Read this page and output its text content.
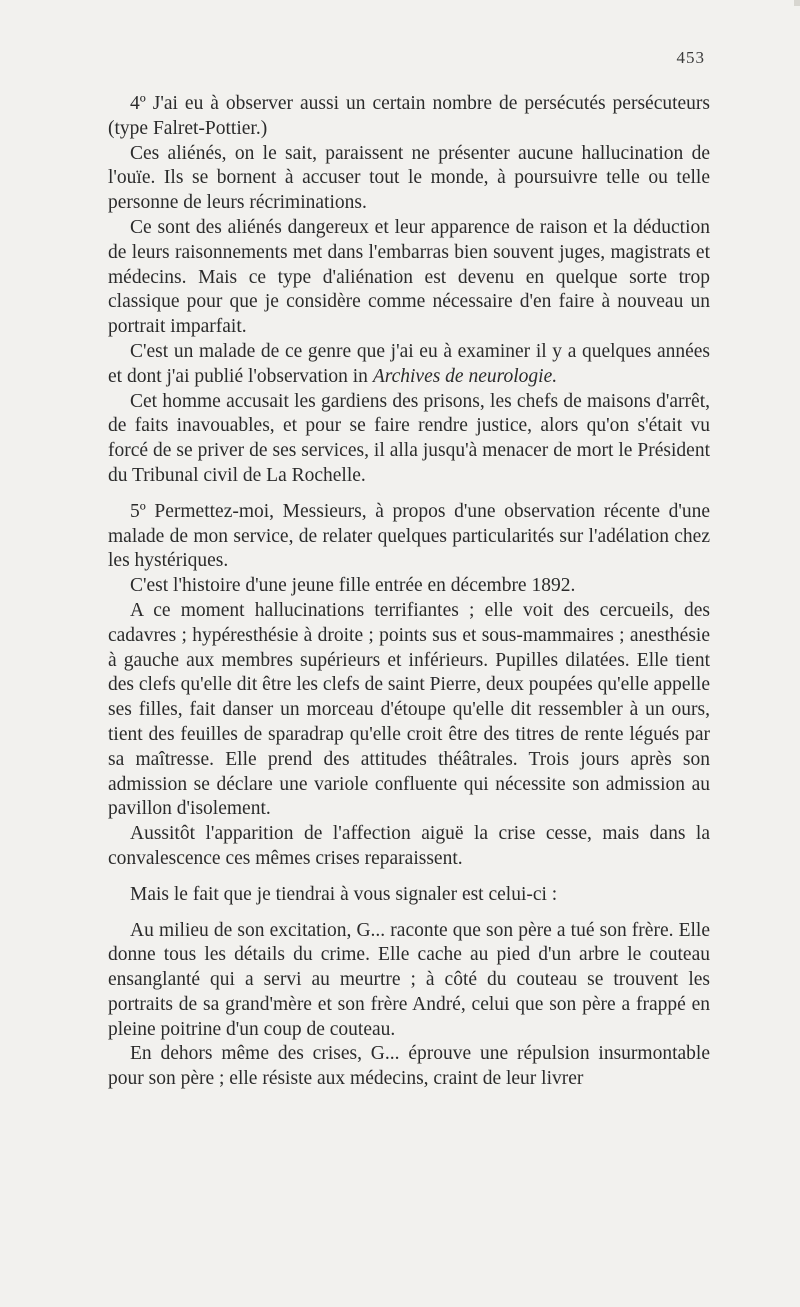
453

4º J'ai eu à observer aussi un certain nombre de persécutés persécuteurs (type Falret-Pottier.)

Ces aliénés, on le sait, paraissent ne présenter aucune hallucination de l'ouïe. Ils se bornent à accuser tout le monde, à poursuivre telle ou telle personne de leurs récriminations.

Ce sont des aliénés dangereux et leur apparence de raison et la déduction de leurs raisonnements met dans l'embarras bien souvent juges, magistrats et médecins. Mais ce type d'aliénation est devenu en quelque sorte trop classique pour que je considère comme nécessaire d'en faire à nouveau un portrait imparfait.

C'est un malade de ce genre que j'ai eu à examiner il y a quelques années et dont j'ai publié l'observation in Archives de neurologie.

Cet homme accusait les gardiens des prisons, les chefs de maisons d'arrêt, de faits inavouables, et pour se faire rendre justice, alors qu'on s'était vu forcé de se priver de ses services, il alla jusqu'à menacer de mort le Président du Tribunal civil de La Rochelle.

5º Permettez-moi, Messieurs, à propos d'une observation récente d'une malade de mon service, de relater quelques particularités sur l'adélation chez les hystériques.

C'est l'histoire d'une jeune fille entrée en décembre 1892.

A ce moment hallucinations terrifiantes ; elle voit des cercueils, des cadavres ; hypéresthésie à droite ; points sus et sous-mammaires ; anesthésie à gauche aux membres supérieurs et inférieurs. Pupilles dilatées. Elle tient des clefs qu'elle dit être les clefs de saint Pierre, deux poupées qu'elle appelle ses filles, fait danser un morceau d'étoupe qu'elle dit ressembler à un ours, tient des feuilles de sparadrap qu'elle croit être des titres de rente légués par sa maîtresse. Elle prend des attitudes théâtrales. Trois jours après son admission se déclare une variole confluente qui nécessite son admission au pavillon d'isolement.

Aussitôt l'apparition de l'affection aiguë la crise cesse, mais dans la convalescence ces mêmes crises reparaissent.

Mais le fait que je tiendrai à vous signaler est celui-ci :

Au milieu de son excitation, G... raconte que son père a tué son frère. Elle donne tous les détails du crime. Elle cache au pied d'un arbre le couteau ensanglanté qui a servi au meurtre ; à côté du couteau se trouvent les portraits de sa grand'mère et son frère André, celui que son père a frappé en pleine poitrine d'un coup de couteau.

En dehors même des crises, G... éprouve une répulsion insurmontable pour son père ; elle résiste aux médecins, craint de leur livrer
